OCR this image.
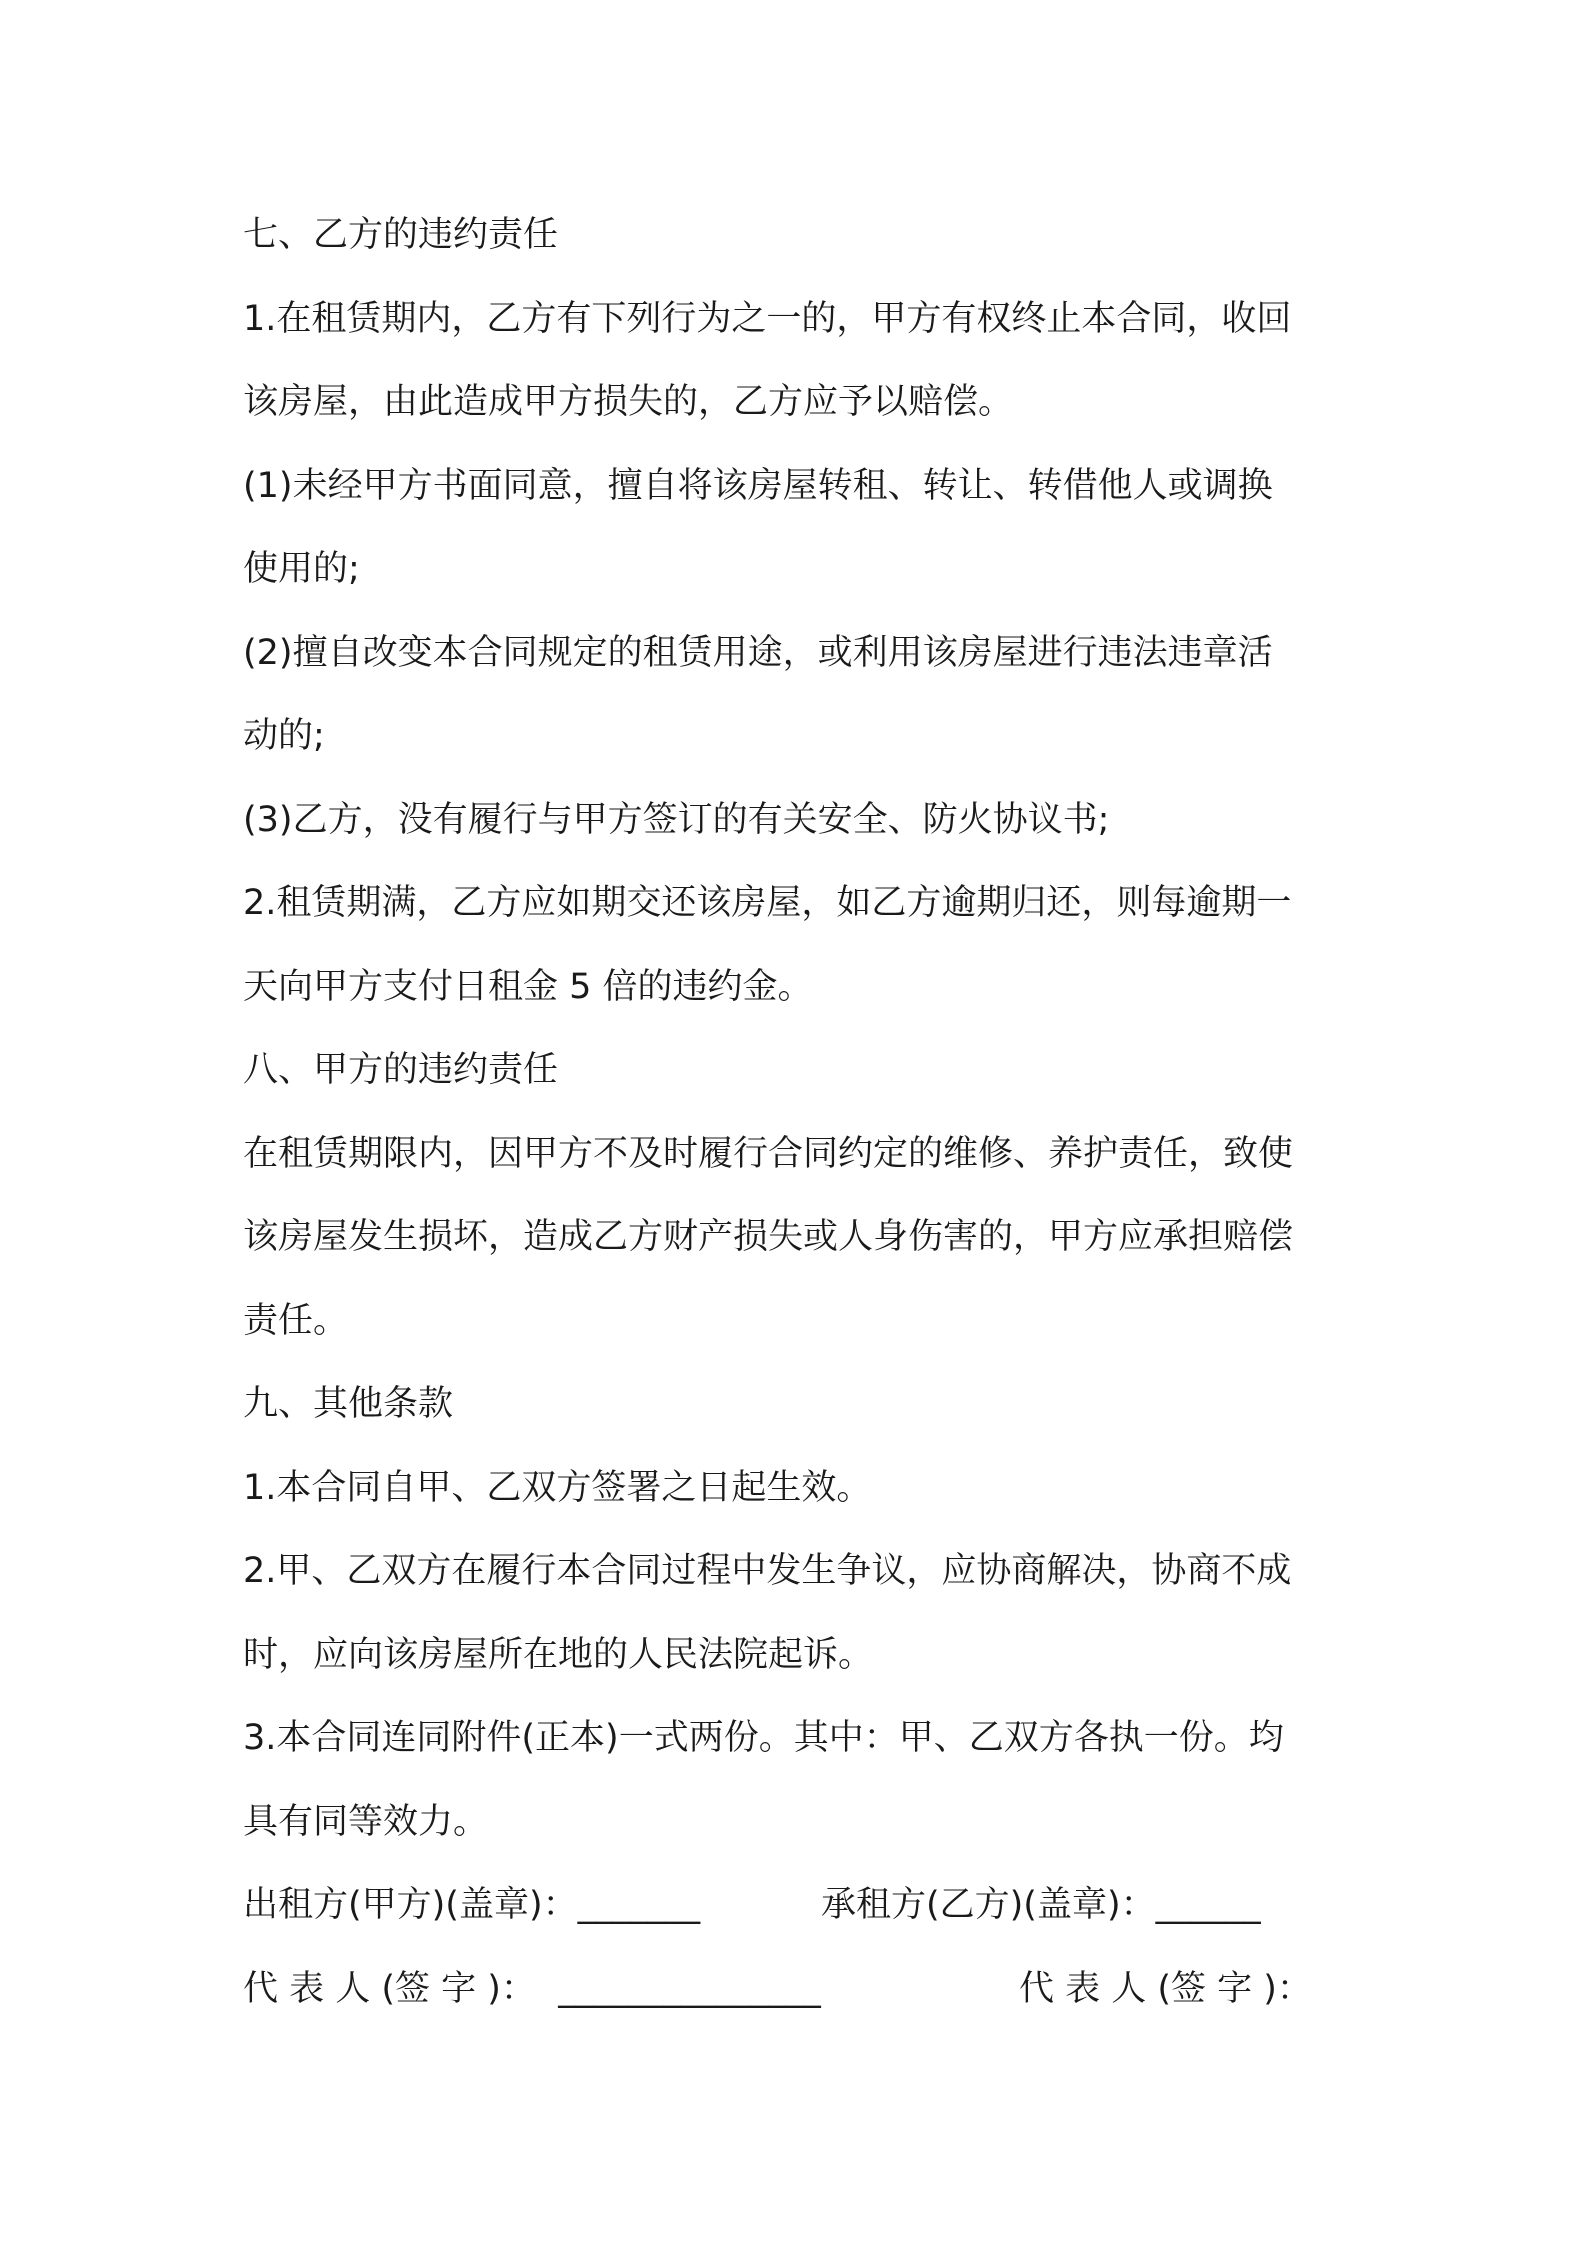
七、乙方的违约责任
1.在租赁期内，乙方有下列行为之一的，甲方有权终止本合同，收回
该房屋，由此造成甲方损失的，乙方应予以赔偿。
(1)未经甲方书面同意，擅自将该房屋转租、转让、转借他人或调换
使用的;
(2)擅自改变本合同规定的租赁用途，或利用该房屋进行违法违章活
动的;
(3)乙方，没有履行与甲方签订的有关安全、防火协议书;
2.租赁期满，乙方应如期交还该房屋，如乙方逾期归还，则每逾期一
天向甲方支付日租金 5 倍的违约金。
八、甲方的违约责任
在租赁期限内，因甲方不及时履行合同约定的维修、养护责任，致使
该房屋发生损坏，造成乙方财产损失或人身伤害的，甲方应承担赔偿
责任。
九、其他条款
1.本合同自甲、乙双方签署之日起生效。
2.甲、乙双方在履行本合同过程中发生争议，应协商解决，协商不成
时，应向该房屋所在地的人民法院起诉。
3.本合同连同附件(正本)一式两份。其中：甲、乙双方各执一份。均
具有同等效力。
出租方(甲方)(盖章)：_______	承租方(乙方)(盖章)：______
代 表 人 (签 字 )： _______________	代 表 人 (签 字 )：
